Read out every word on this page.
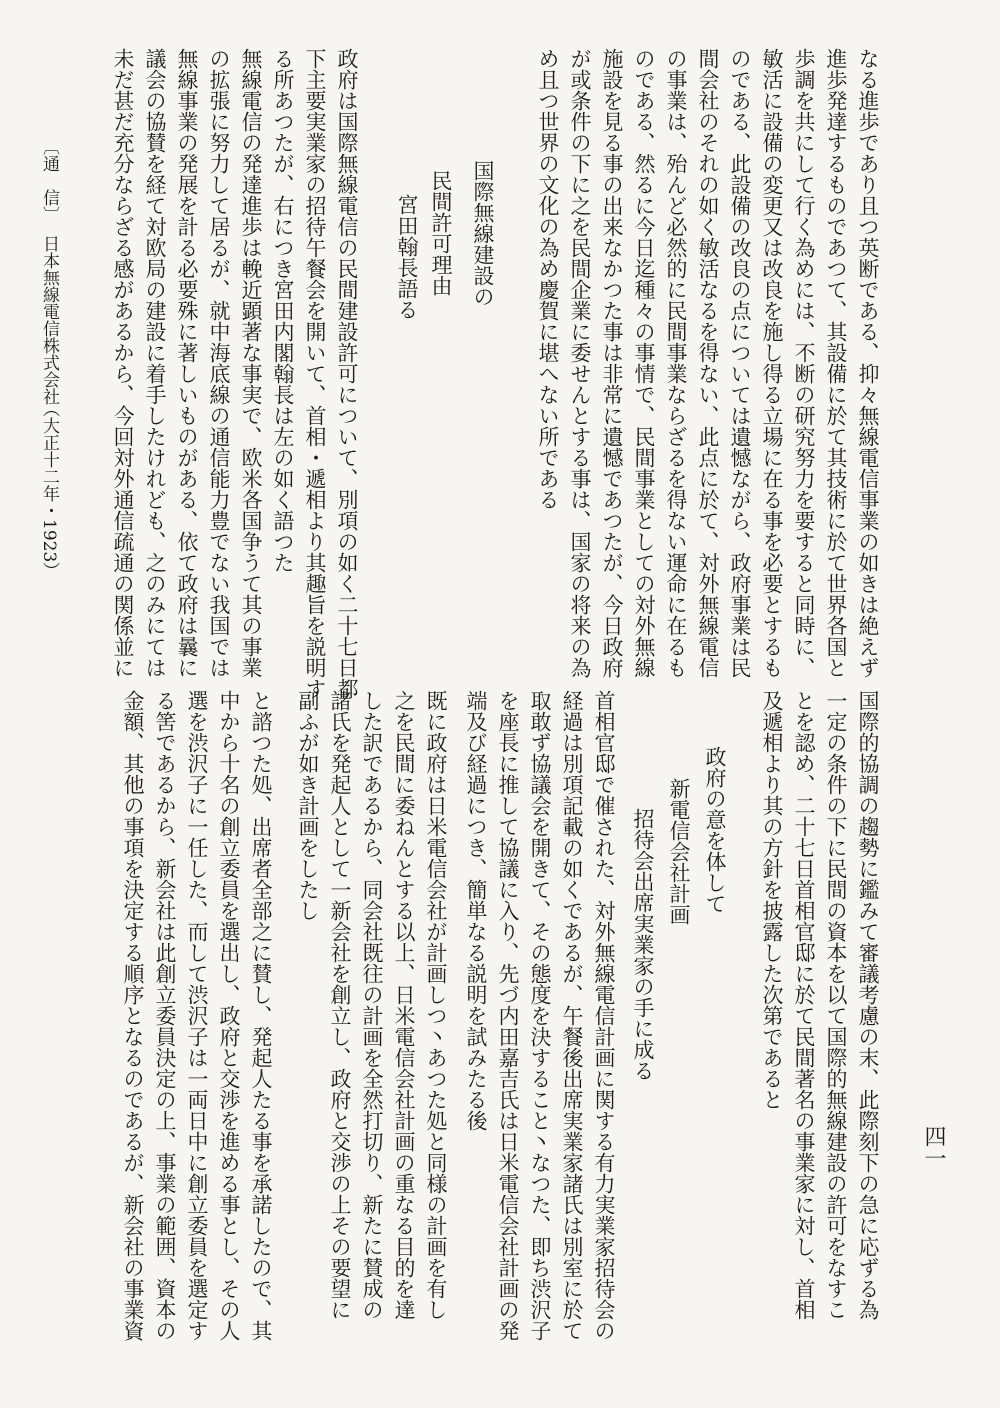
なる進歩であり且つ英断である、抑々無線電信事業の如きは絶えず
進歩発達するものであつて、其設備に於て其技術に於て世界各国と
歩調を共にして行く為めには、不断の研究努力を要すると同時に、
敏活に設備の変更又は改良を施し得る立場に在る事を必要とするも
のである、此設備の改良の点については遺憾ながら、政府事業は民
間会社のそれの如く敏活なるを得ない、此点に於て、対外無線電信
の事業は、殆んど必然的に民間事業ならざるを得ない運命に在るも
のである、然るに今日迄種々の事情で、民間事業としての対外無線
施設を見る事の出来なかつた事は非常に遺憾であつたが、今日政府
が或条件の下に之を民間企業に委せんとする事は、国家の将来の為
め且つ世界の文化の為め慶賀に堪へない所である
国際無線建設の
民間許可理由
宮田翰長語る
政府は国際無線電信の民間建設許可について、別項の如く二十七日都
下主要実業家の招待午餐会を開いて、首相・遞相より其趣旨を説明す
る所あつたが、右につき宮田内閣翰長は左の如く語つた
無線電信の発達進歩は輓近顕著な事実で、欧米各国争うて其の事業
の拡張に努力して居るが、就中海底線の通信能力豊でない我国では
無線事業の発展を計る必要殊に著しいものがある、依て政府は曩に
議会の協賛を経て対欧局の建設に着手したけれども、之のみにては
未だ甚だ充分ならざる感があるから、今回対外通信疏通の関係並に
〔通　信〕
日本無線電信株式会社
（大正十二年・1923）
国際的協調の趨勢に鑑みて審議考慮の末、此際刻下の急に応ずる為
一定の条件の下に民間の資本を以て国際的無線建設の許可をなすこ
とを認め、二十七日首相官邸に於て民間著名の事業家に対し、首相
及遞相より其の方針を披露した次第であると
政府の意を体して
新電信会社計画
招待会出席実業家の手に成る
首相官邸で催された、対外無線電信計画に関する有力実業家招待会の
経過は別項記載の如くであるが、午餐後出席実業家諸氏は別室に於て
取敢ず協議会を開きて、その態度を決すること丶なつた、即ち渋沢子
を座長に推して協議に入り、先づ内田嘉吉氏は日米電信会社計画の発
端及び経過につき、簡単なる説明を試みたる後
既に政府は日米電信会社が計画しつ丶あつた処と同様の計画を有し
之を民間に委ねんとする以上、日米電信会社計画の重なる目的を達
した訳であるから、同会社既往の計画を全然打切り、新たに賛成の
諸氏を発起人として一新会社を創立し、政府と交渉の上その要望に
副ふが如き計画をしたし
と諮つた処、出席者全部之に賛し、発起人たる事を承諾したので、其
中から十名の創立委員を選出し、政府と交渉を進める事とし、その人
選を渋沢子に一任した、而して渋沢子は一両日中に創立委員を選定す
る筈であるから、新会社は此創立委員決定の上、事業の範囲、資本の
金額、其他の事項を決定する順序となるのであるが、新会社の事業資	四一
